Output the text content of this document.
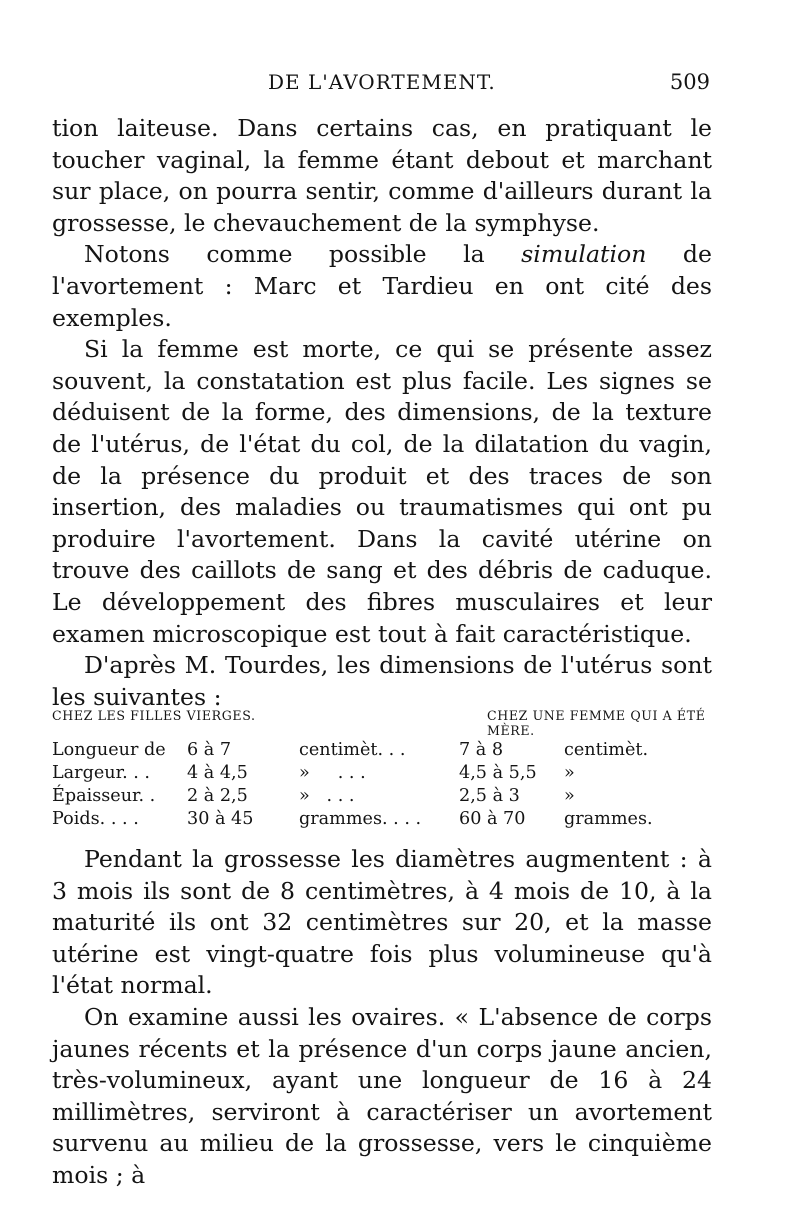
DE L'AVORTEMENT.	509

tion laiteuse. Dans certains cas, en pratiquant le toucher vaginal, la femme étant debout et marchant sur place, on pourra sentir, comme d'ailleurs durant la grossesse, le chevauchement de la symphyse.

Notons comme possible la simulation de l'avortement : Marc et Tardieu en ont cité des exemples.

Si la femme est morte, ce qui se présente assez souvent, la constatation est plus facile. Les signes se déduisent de la forme, des dimensions, de la texture de l'utérus, de l'état du col, de la dilatation du vagin, de la présence du produit et des traces de son insertion, des maladies ou traumatismes qui ont pu produire l'avortement. Dans la cavité utérine on trouve des caillots de sang et des débris de caduque. Le développement des fibres musculaires et leur examen microscopique est tout à fait caractéristique.

D'après M. Tourdes, les dimensions de l'utérus sont les suivantes :

CHEZ LES FILLES VIERGES.			CHEZ UNE FEMME QUI A ÉTÉ MÈRE.	
Longueur de	6 à 7	centimèt. . .	7 à 8	centimèt.
Largeur. . .	4 à 4,5	»     . . .	4,5 à 5,5	»
Épaisseur. .	2 à 2,5	»   . . .	2,5 à 3	»
Poids. . . .	30 à 45	grammes. . . .	60 à 70	grammes.

Pendant la grossesse les diamètres augmentent : à 3 mois ils sont de 8 centimètres, à 4 mois de 10, à la maturité ils ont 32 centimètres sur 20, et la masse utérine est vingt-quatre fois plus volumineuse qu'à l'état normal.

On examine aussi les ovaires. « L'absence de corps jaunes récents et la présence d'un corps jaune ancien, très-volumineux, ayant une longueur de 16 à 24 millimètres, serviront à caractériser un avortement survenu au milieu de la grossesse, vers le cinquième mois ; à
